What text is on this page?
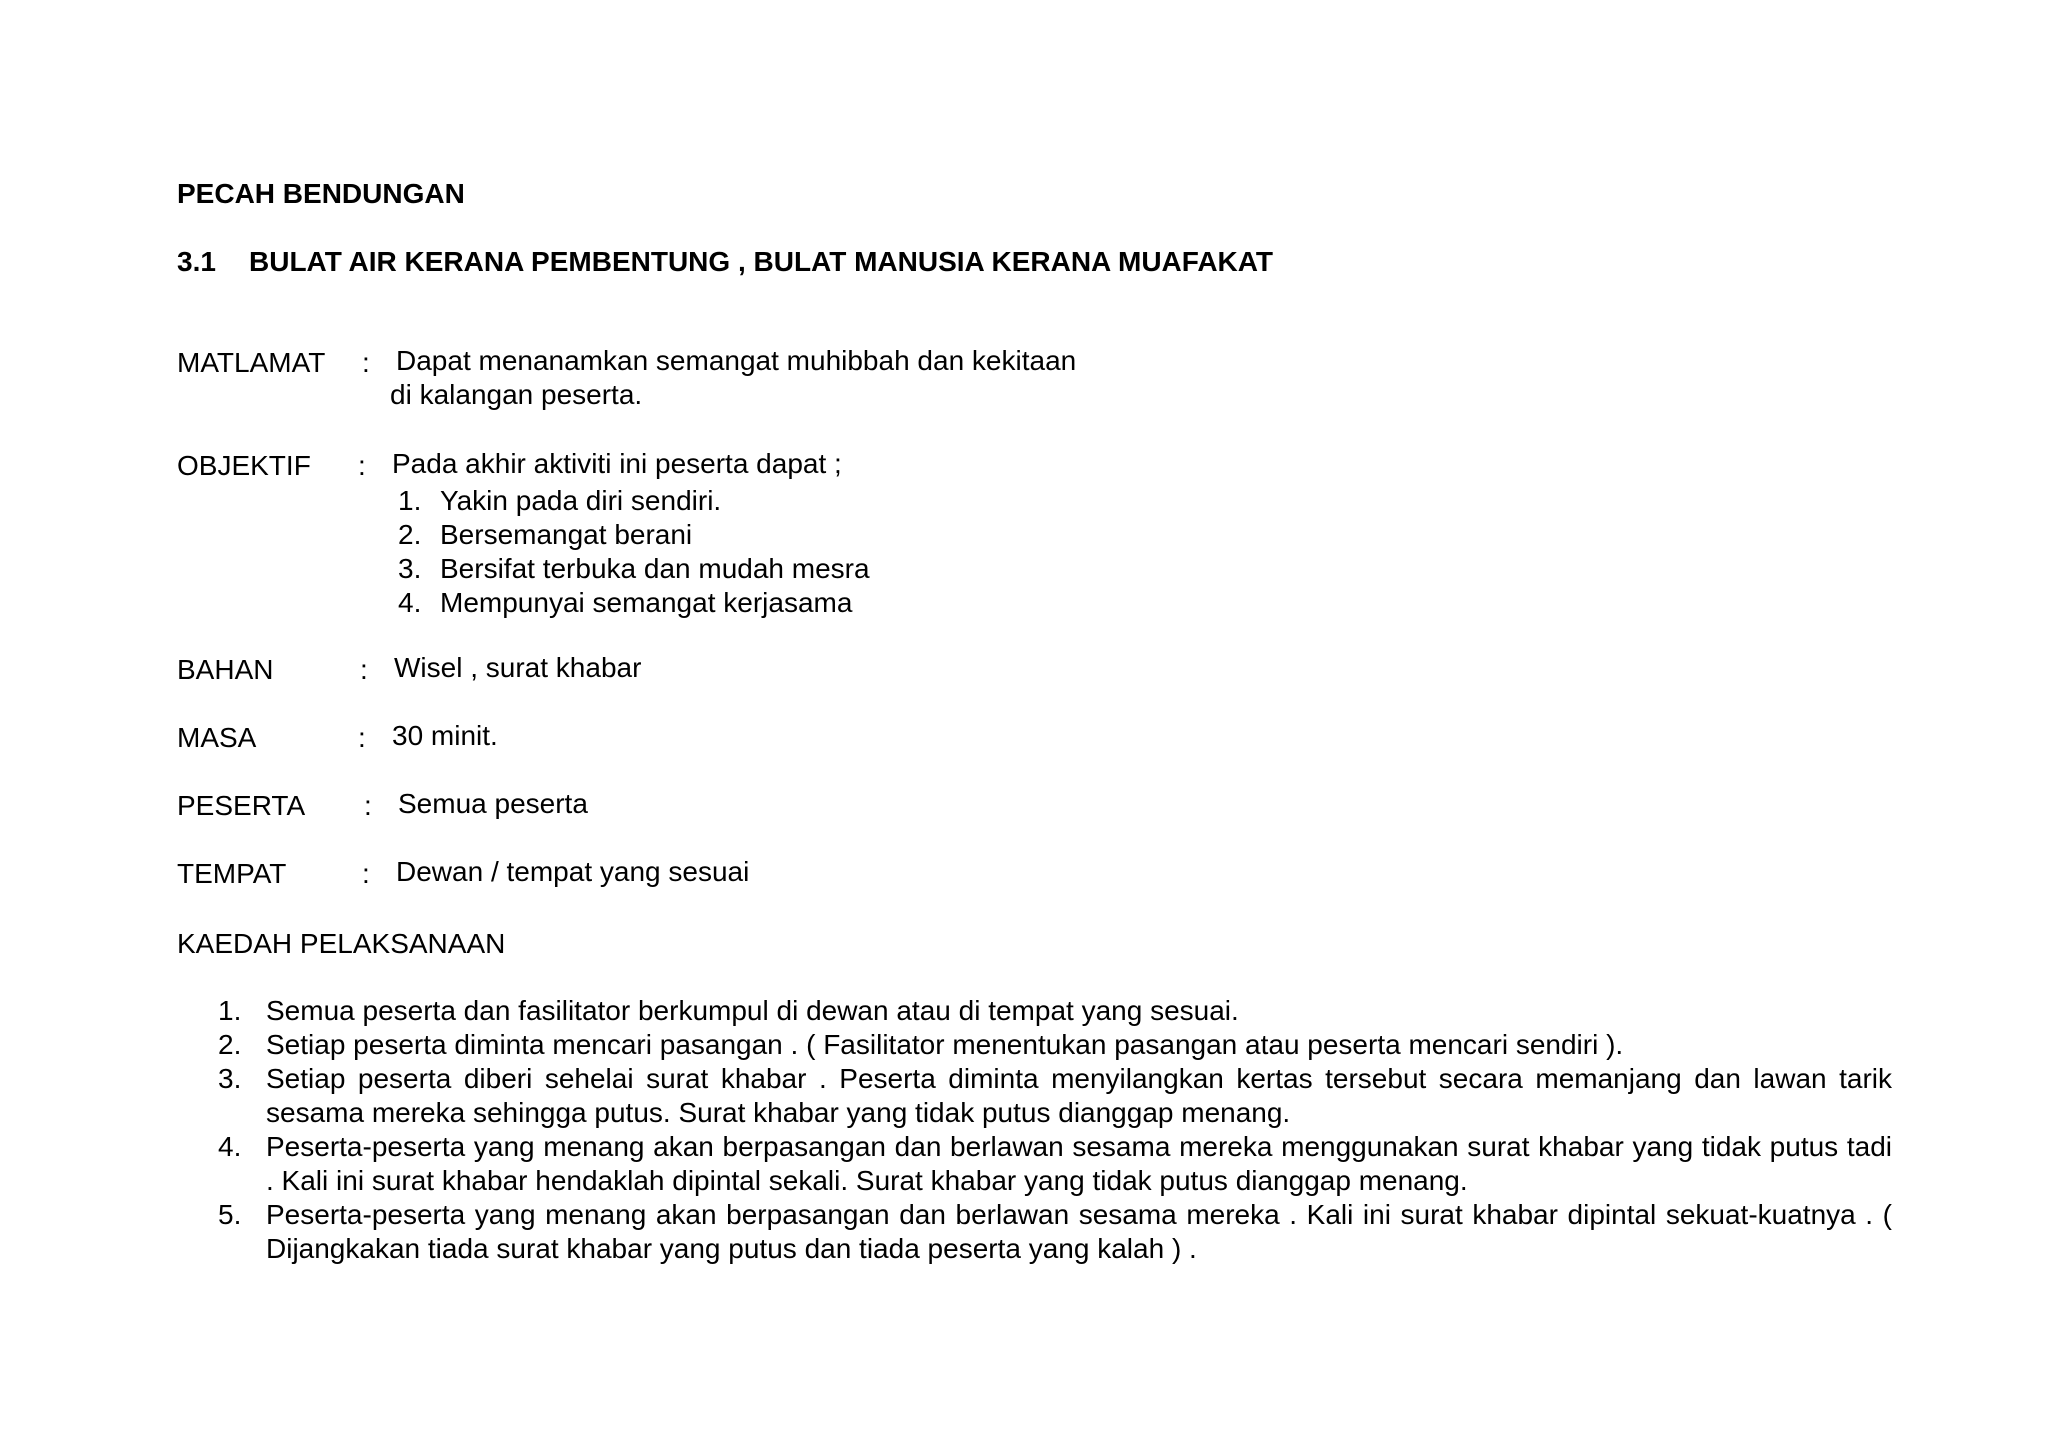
PECAH BENDUNGAN
3.1 BULAT AIR KERANA PEMBENTUNG , BULAT MANUSIA KERANA MUAFAKAT
MATLAMAT : Dapat menanamkan semangat muhibbah dan kekitaan
di kalangan peserta.
OBJEKTIF : Pada akhir aktiviti ini peserta dapat ;
1. Yakin pada diri sendiri.
2. Bersemangat berani
3. Bersifat terbuka dan mudah mesra
4. Mempunyai semangat kerjasama
BAHAN	: Wisel , surat khabar
MASA	: 30 minit.
PESERTA : Semua peserta
TEMPAT	: Dewan / tempat yang sesuai
KAEDAH PELAKSANAAN
1. Semua peserta dan fasilitator berkumpul di dewan atau di tempat yang sesuai.
2. Setiap peserta diminta mencari pasangan . ( Fasilitator menentukan pasangan atau peserta mencari sendiri ).
3. Setiap peserta diberi sehelai surat khabar . Peserta diminta menyilangkan kertas tersebut secara memanjang dan lawan tarik sesama mereka sehingga putus. Surat khabar yang tidak putus dianggap menang.
4. Peserta-peserta yang menang akan berpasangan dan berlawan sesama mereka menggunakan surat khabar yang tidak putus tadi . Kali ini surat khabar hendaklah dipintal sekali. Surat khabar yang tidak putus dianggap menang.
5. Peserta-peserta yang menang akan berpasangan dan berlawan sesama mereka . Kali ini surat khabar dipintal sekuat-kuatnya . ( Dijangkakan tiada surat khabar yang putus dan tiada peserta yang kalah ) .
